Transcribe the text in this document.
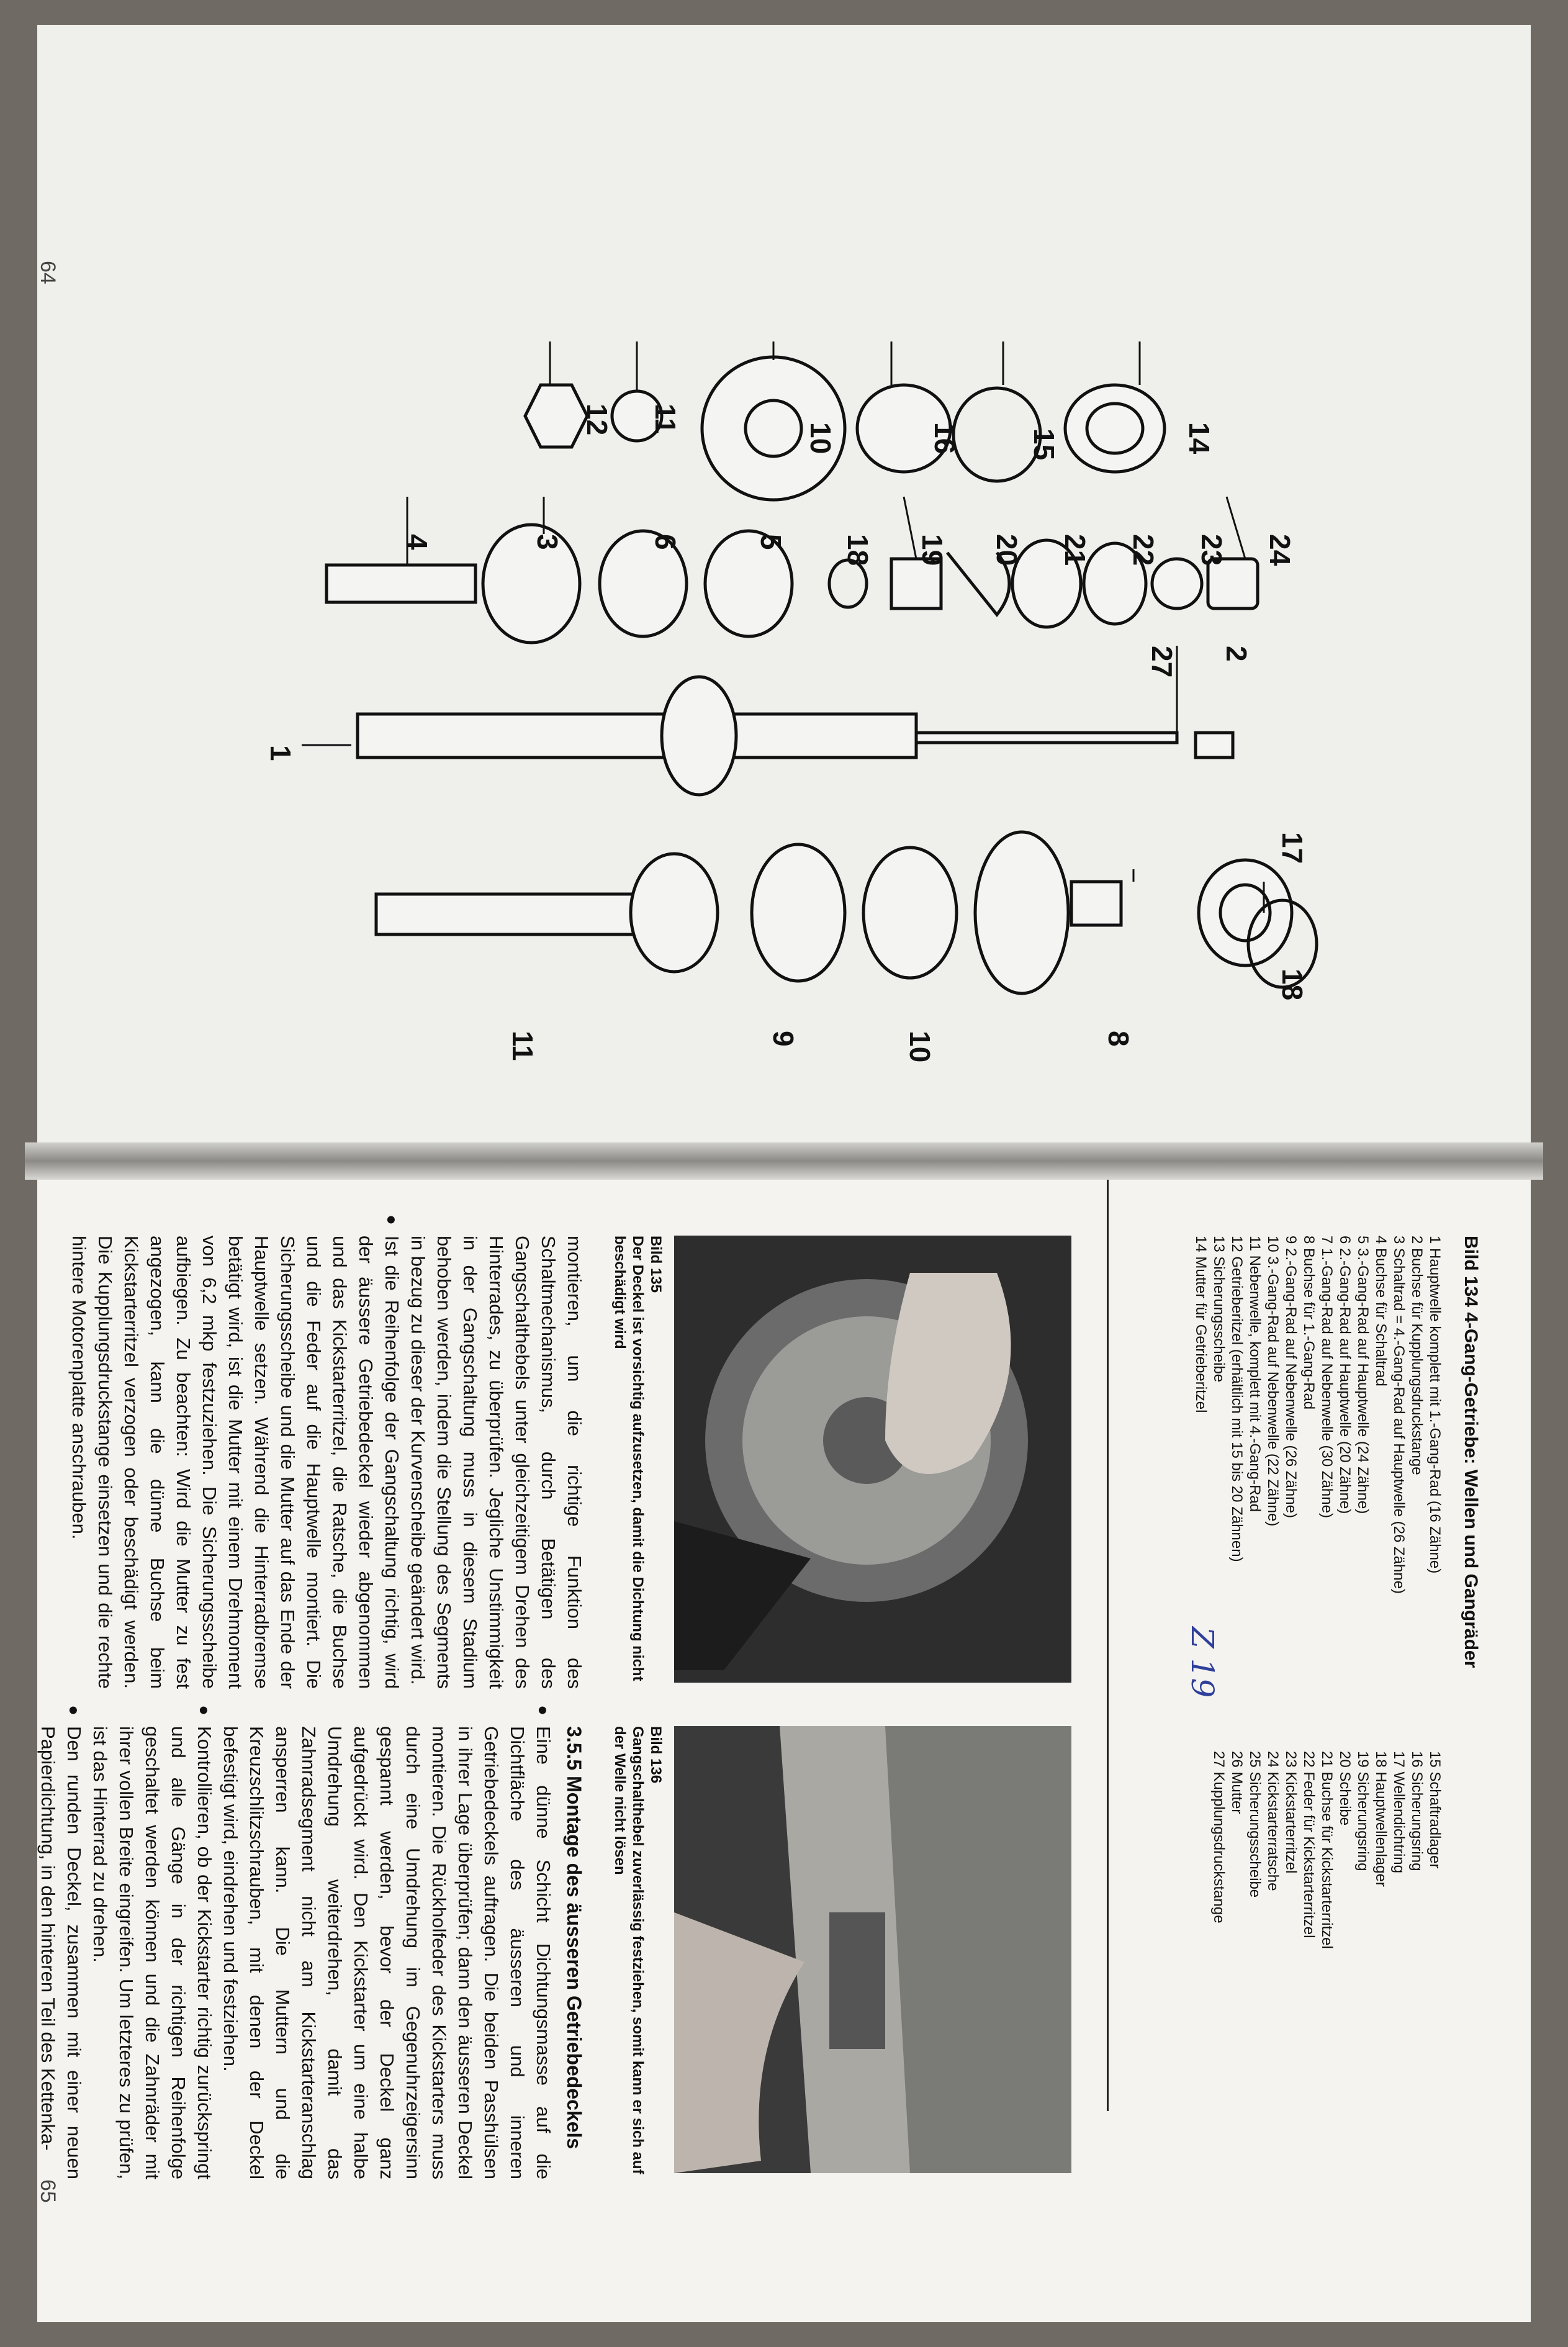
64
65
14
15
16
10
11
12
24
23
22
21
20
19
18
5
6
3
4
2
27
1
17
18
8
10
9
11
Bild 134 4-Gang-Getriebe: Wellen und Gangräder
1 Hauptwelle komplett mit 1.-Gang-Rad (16 Zähne)
2 Buchse für Kupplungsdruckstange
3 Schaltrad = 4.-Gang-Rad auf Hauptwelle (26 Zähne)
4 Buchse für Schaltrad
5 3.-Gang-Rad auf Hauptwelle (24 Zähne)
6 2.-Gang-Rad auf Hauptwelle (20 Zähne)
7 1.-Gang-Rad auf Nebenwelle (30 Zähne)
8 Buchse für 1.-Gang-Rad
9 2.-Gang-Rad auf Nebenwelle (26 Zähne)
10 3.-Gang-Rad auf Nebenwelle (22 Zähne)
11 Nebenwelle, komplett mit 4.-Gang-Rad
12 Getrieberitzel (erhältlich mit 15 bis 20 Zähnen)
13 Sicherungsscheibe
14 Mutter für Getrieberitzel
15 Schaftradlager
16 Sicherungsring
17 Wellendichtring
18 Hauptwellenlager
19 Sicherungsring
20 Scheibe
21 Buchse für Kickstarterritzel
22 Feder für Kickstarterritzel
23 Kickstarterritzel
24 Kickstarterratsche
25 Sicherungsscheibe
26 Mutter
27 Kupplungsdruckstange
Z 19
Bild 135
Der Deckel ist vorsichtig aufzusetzen, damit die Dichtung nicht beschädigt wird
Bild 136
Gangschalthebel zuverlässig festziehen, somit kann er sich auf der Welle nicht lösen

montieren, um die richtige Funktion des Schaltmechanismus, durch Betätigen des Gangschalthebels unter gleichzeitigem Drehen des Hinterrades, zu überprüfen. Jegliche Unstimmigkeit in der Gangschaltung muss in diesem Stadium behoben werden, indem die Stellung des Segments in bezug zu dieser der Kurvenscheibe geändert wird.

● Ist die Reihenfolge der Gangschaltung richtig, wird der äussere Getriebedeckel wieder abgenommen und das Kickstarterritzel, die Ratsche, die Buchse und die Feder auf die Hauptwelle montiert. Die Sicherungsscheibe und die Mutter auf das Ende der Hauptwelle setzen. Während die Hinterradbremse betätigt wird, ist die Mutter mit einem Drehmoment von 6,2 mkp festzuziehen. Die Sicherungsscheibe aufbiegen. Zu beachten: Wird die Mutter zu fest angezogen, kann die dünne Buchse beim Kickstarterritzel verzogen oder beschädigt werden. Die Kupplungsdruckstange einsetzen und die rechte hintere Motorenplatte anschrauben.

3.5.5 Montage des äusseren Getriebedeckels

● Eine dünne Schicht Dichtungsmasse auf die Dichtfläche des äusseren und inneren Getriebedeckels auftragen. Die beiden Passhülsen in ihrer Lage überprüfen; dann den äusseren Deckel montieren. Die Rückholfeder des Kickstarters muss durch eine Umdrehung im Gegenuhrzeigersinn gespannt werden, bevor der Deckel ganz aufgedrückt wird. Den Kickstarter um eine halbe Umdrehung weiterdrehen, damit das Zahnradsegment nicht am Kickstarteranschlag ansperren kann. Die Muttern und die Kreuzschlitzschrauben, mit denen der Deckel befestigt wird, eindrehen und festziehen.

● Kontrollieren, ob der Kickstarter richtig zurückspringt und alle Gänge in der richtigen Reihenfolge geschaltet werden können und die Zahnräder mit ihrer vollen Breite eingreifen. Um letzteres zu prüfen, ist das Hinterrad zu drehen.

● Den runden Deckel, zusammen mit einer neuen Papierdichtung, in den hinteren Teil des Kettenka-
